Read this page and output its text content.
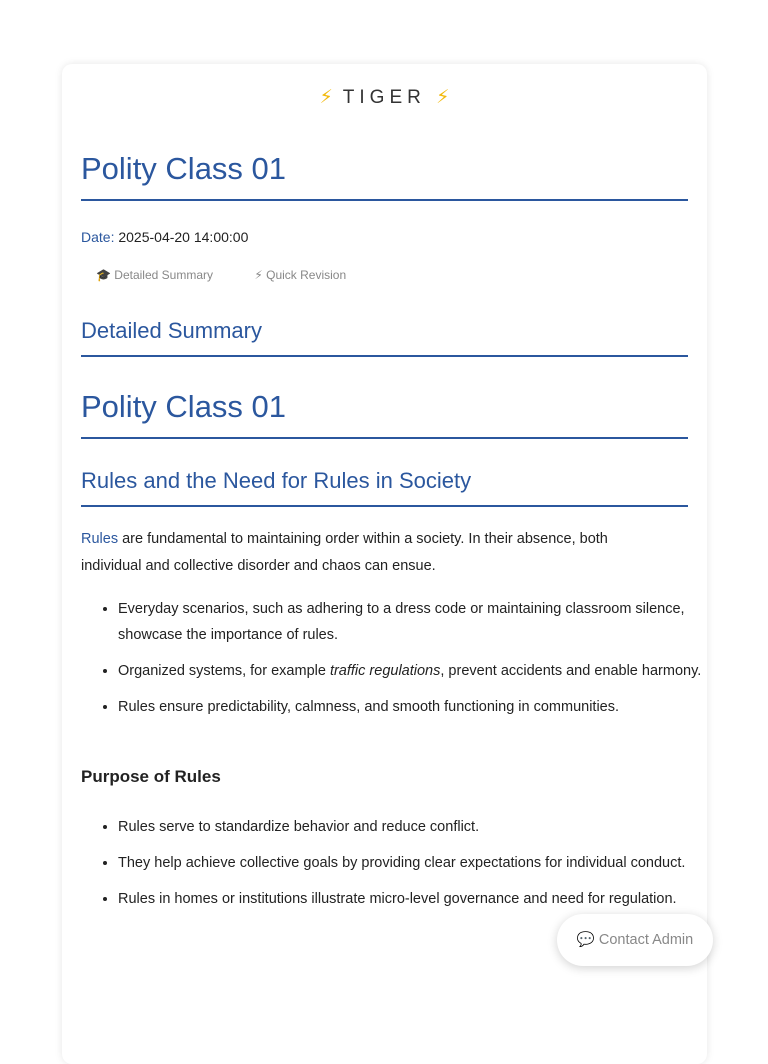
⚡ TIGER ⚡
Polity Class 01
Date: 2025-04-20 14:00:00
🎓 Detailed Summary	⚡ Quick Revision
Detailed Summary
Polity Class 01
Rules and the Need for Rules in Society

Rules are fundamental to maintaining order within a society. In their absence, both individual and collective disorder and chaos can ensue.

• Everyday scenarios, such as adhering to a dress code or maintaining classroom silence, showcase the importance of rules.
• Organized systems, for example traffic regulations, prevent accidents and enable harmony.
• Rules ensure predictability, calmness, and smooth functioning in communities.
Purpose of Rules
• Rules serve to standardize behavior and reduce conflict.
• They help achieve collective goals by providing clear expectations for individual conduct.
• Rules in homes or institutions illustrate micro-level governance and need for regulation.
💬 Contact Admin
